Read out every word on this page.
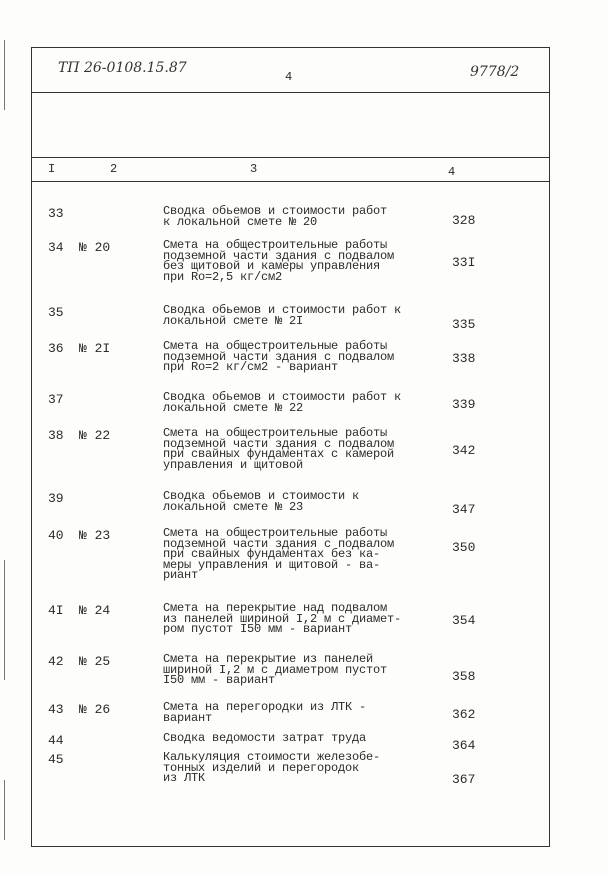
ТП 26-0108.15.87
4	9778/2
I	2	3	4
33	Сводка обьемов и стоимости работ
к локальной смете № 20	328
34 № 20	Смета на общестроительные работы
подземной части здания с подвалом
без щитовой и камеры управления
при Ro=2,5 кг/см2
33I
35	Сводка обьемов и стоимости работ к
локальной смете № 2I	335
36 № 2I	Смета на общестроительные работы
подземной части здания с подвалом
при Ro=2 кг/см2 - вариант
338
37	Сводка обьемов и стоимости работ к
локальной смете № 22	339
38 № 22	Смета на общестроительные работы
подземной части здания с подвалом
при свайных фундаментах с камерой
управления и щитовой
342
39	Сводка обьемов и стоимости к
локальной смете № 23	347
40 № 23	Смета на общестроительные работы
подземной части здания с подвалом
при свайных фундаментах без ка-
меры управления и щитовой - ва-
риант
350
4I № 24	Смета на перекрытие над подвалом
из панелей шириной I,2 м с диамет-
ром пустот I50 мм - вариант
354
42 № 25	Смета на перекрытие из панелей
шириной I,2 м с диаметром пустот
I50 мм - вариант	358
43 № 26	Смета на перегородки из ЛТК -
вариант	362
44	Сводка ведомости затрат труда	364
45	Калькуляция стоимости железобе-
тонных изделий и перегородок
из ЛТК	367
